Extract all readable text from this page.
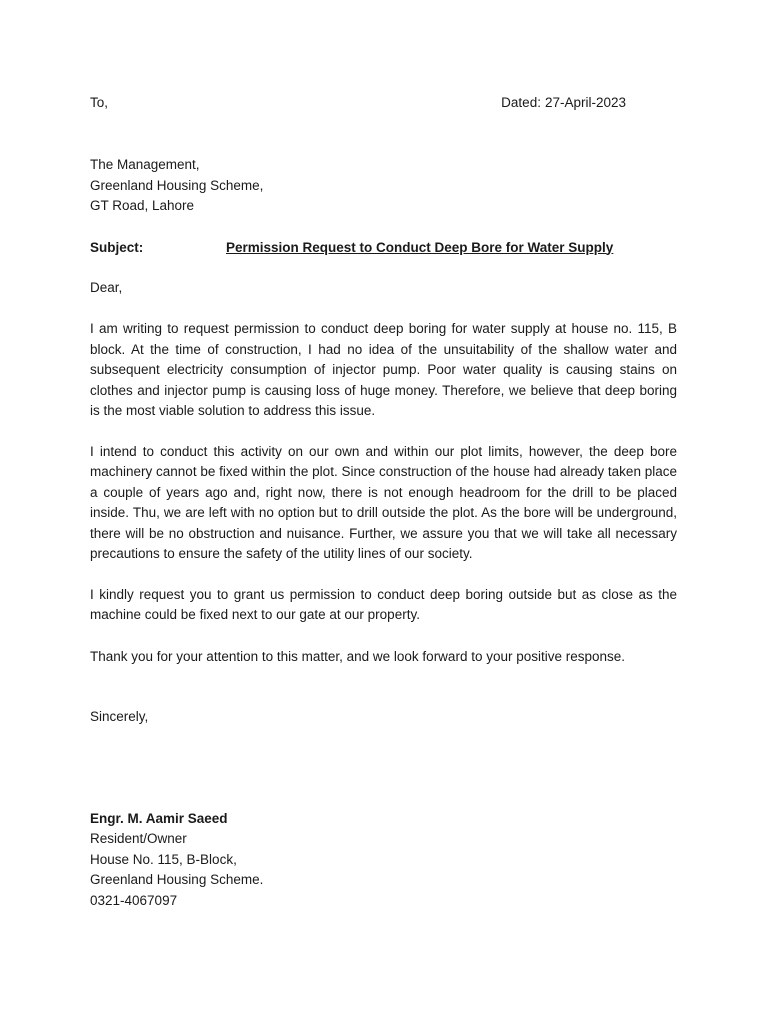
To,	Dated: 27-April-2023
The Management,
Greenland Housing Scheme,
GT Road, Lahore
Subject:	Permission Request to Conduct Deep Bore for Water Supply
Dear,

I am writing to request permission to conduct deep boring for water supply at house no. 115, B block. At the time of construction, I had no idea of the unsuitability of the shallow water and subsequent electricity consumption of injector pump. Poor water quality is causing stains on clothes and injector pump is causing loss of huge money. Therefore, we believe that deep boring is the most viable solution to address this issue.

I intend to conduct this activity on our own and within our plot limits, however, the deep bore machinery cannot be fixed within the plot. Since construction of the house had already taken place a couple of years ago and, right now, there is not enough headroom for the drill to be placed inside. Thu, we are left with no option but to drill outside the plot. As the bore will be underground, there will be no obstruction and nuisance. Further, we assure you that we will take all necessary precautions to ensure the safety of the utility lines of our society.

I kindly request you to grant us permission to conduct deep boring outside but as close as the machine could be fixed next to our gate at our property.

Thank you for your attention to this matter, and we look forward to your positive response.

Sincerely,
Engr. M. Aamir Saeed
Resident/Owner
House No. 115, B-Block,
Greenland Housing Scheme.
0321-4067097
